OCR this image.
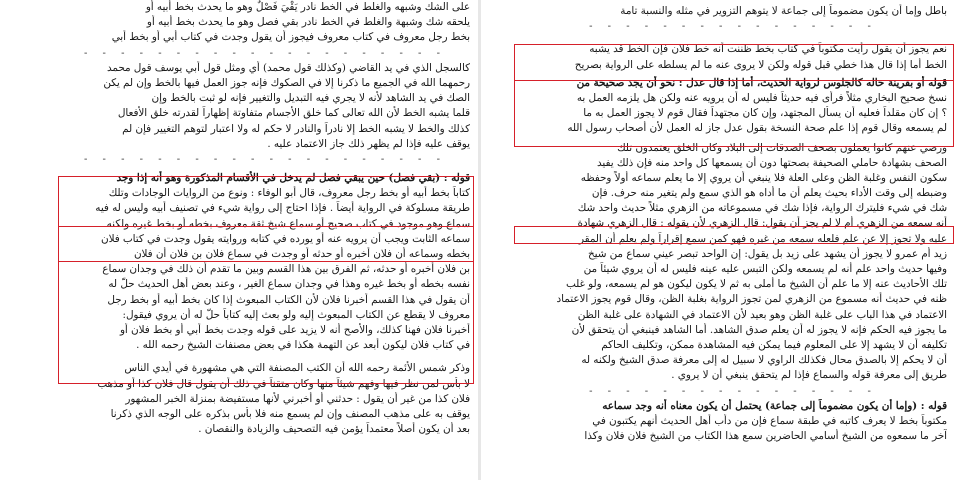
على الشك وشبهه والغلط في الخط نادر يَقْيَ فَصْلٌ وهو ما يحدث بخط أبيه أو
يلحقه شك وشبهة والغلط في الخط نادر بقي فصل وهو ما يحدث بخط أبيه أو
بخط رجل معروف في كتاب معروف فيجوز أن يقول وجدت في كتاب أبي أو بخط أبي
- - - - - - - - - - - - - - - - - - - -
كالسجل الذي في يد القاضي (وكذلك قول محمد) أي ومثل قول أبي يوسف قول محمد
رحمهما الله في الجميع ما ذكرنا إلا في الصكوك فإنه جوز العمل فيها بالخط وإن لم يكن
الصك في يد الشاهد لأنه لا يجري فيه التبديل والتغيير فإنه لو ثبت بالخط وإن
قلما يشبه الخط لأن الله تعالى كما خلق الأجسام متفاوتة إظهاراً لقدرته خلق الأفعال
كذلك والخط لا يشبه الخط إلا نادراً والنادر لا حكم له ولا اعتبار لتوهم التغيير فإن لم
يوقف عليه فإذا لم يظهر ذلك جاز الاعتماد عليه .
- - - - - - - - - - - - - - - - - - - -
قوله : (بقي فصل) حين يبقي فصل لم يدخل في الأقسام المذكورة وهو أنه إذا وجد
كتاباً بخط أبيه أو بخط رجل معروف، قال أبو الوفاء : ونوع من الروايات الوجادات وتلك
طريقة مسلوكة في الرواية أيضاً . فإذا احتاج إلى رواية شيء في تصنيف أبيه وليس له فيه
سماع وهو موجود في كتاب صحيح أو سماع شيخ ثقة معروف بخطه أو بخط غيره ولكنه
سماعه الثابت ويجب أن يرويه عنه أو يورده في كتابه وروايته يقول وجدت في كتاب فلان
بخطه وسماعه أن فلان أخبره أو حدثه أو وجدت في سماع فلان بن فلان أن فلان
بن فلان أخبره أو حدثه، ثم الفرق بين هذا القسم وبين ما تقدم أن ذلك في وجدان سماع
نفسه بخطه أو بخط غيره وهذا في وجدان سماع الغير ، وعند بعض أهل الحديث حلّ له
أن يقول في هذا القسم أخبرنا فلان لأن الكتاب المبعوث إذا كان بخط أبيه أو بخط رجل
معروف لا يقطع عن الكتاب المبعوث إليه ولو بعث إليه كتاباً حلّ له أن يروي فيقول:
أخبرنا فلان فهنا كذلك، والأصح أنه لا يزيد على قوله وجدت بخط أبي أو بخط فلان أو
في كتاب فلان ليكون أبعد عن التهمة هكذا في بعض مصنفات الشيخ رحمه الله .
وذكر شمس الأئمة رحمه الله أن الكتب المصنفة التي هي مشهورة في أيدي الناس
لا بأس لمن نظر فيها وفهم شيئاً منها وكان متقناً في ذلك أن يقول قال فلان كذا أو مذهب
فلان كذا من غير أن يقول : حدثني أو أخبرني لأنها مستفيضة بمنزلة الخبر المشهور
يوقف به على مذهب المصنف وإن لم يسمع منه فلا بأس بذكره على الوجه الذي ذكرنا
بعد أن يكون أصلاً معتمداً يؤمن فيه التصحيف والزيادة والنقصان .
باطل وإما أن يكون مضموماً إلى جماعة لا يتوهم التزوير في مثله والنسبة تامة
- - - - - - - - - - - - - - - -
نعم يجوز أن يقول رأيت مكتوباً في كتاب بخط ظننت أنه خط فلان فإن الخط قد يشبه
الخط أما إذا قال هذا خطي قبل قوله ولكن لا يروى عنه ما لم يسلطه على الرواية بصريح
قوله أو بقرينة حاله كالجلوس لرواية الحديث، أما إذا قال عدل : نحو أن يجد صحيحة من
نسخ صحيح البخاري مثلاً فرأى فيه حديثاً فليس له أن يرويه عنه ولكن هل يلزمه العمل به
؟ إن كان مقلداً فعليه أن يسأل المجتهد، وإن كان مجتهداً فقال قوم لا يجوز العمل به ما
لم يسمعه وقال قوم إذا علم صحة النسخة بقول عدل جاز له العمل لأن أصحاب رسول الله
ورضي عنهم كانوا يعملون بصحف الصدقات إلى البلاد وكان الخلق يعتمدون تلك
الصحف بشهادة حاملي الصحيفة بصحتها دون أن يسمعها كل واحد منه فإن ذلك يفيد
سكون النفس وغلبة الظن وعلى العلة فلا ينبغي أن يروي إلا ما يعلم سماعه أولاً وحفظه
وضبطه إلى وقت الأداء بحيث يعلم أن ما أداه هو الذي سمع ولم يتغير منه حرف. فإن
شك في شيء فليترك الرواية، فإذا شك في مسموعاته من الزهري مثلاً حديث واحد شك
أنه سمعه من الزهري أم لا لم يجز أن يقول: قال الزهري لأن يقوله : قال الزهري شهادة
عليه ولا تجوز إلا عن علم فلعله سمعه من غيره فهو كمن سمع إقراراً ولم يعلم أن المقر
زيد أم عمرو لا يجوز أن يشهد على زيد بل يقول: إن الواحد تبصر عيني سماع من شيخ
وفيها حديث واحد علم أنه لم يسمعه ولكن التبس عليه عينه فليس له أن يروي شيئاً من
تلك الأحاديث عنه إلا ما علم أن الشيخ ما أملى به ثم لا يكون ليكون هو لم يسمعه، ولو غلب
ظنه في حديث أنه مسموع من الزهري لمن تجوز الرواية بغلبة الظن، وقال قوم يجوز الاعتماد
الاعتماد في هذا الباب على غلبة الظن وهو بعيد لأن الاعتماد في الشهادة على غلبة الظن
ما يجوز فيه الحكم فإنه لا يجوز له أن يعلم صدق الشاهد. أما الشاهد فينبغي أن يتحقق لأن
تكليفه أن لا يشهد إلا على المعلوم فيما يمكن فيه المشاهدة ممكن، وتكليف الحاكم
أن لا يحكم إلا بالصدق محال فكذلك الراوي لا سبيل له إلى معرفة صدق الشيخ ولكنه له
طريق إلى معرفة قوله والسماع فإذا لم يتحقق ينبغي أن لا يروي .
- - - - - - - - - - - - - - - -
قوله : (وإما أن يكون مضموماً إلى جماعة) يحتمل أن يكون معناه أنه وجد سماعه
مكتوباً بخط لا يعرف كاتبه في طبقة سماع فإن من دأب أهل الحديث أنهم يكتبون في
آخر ما سمعوه من الشيخ أسامي الحاضرين سمع هذا الكتاب من الشيخ فلان فلان وكذا
